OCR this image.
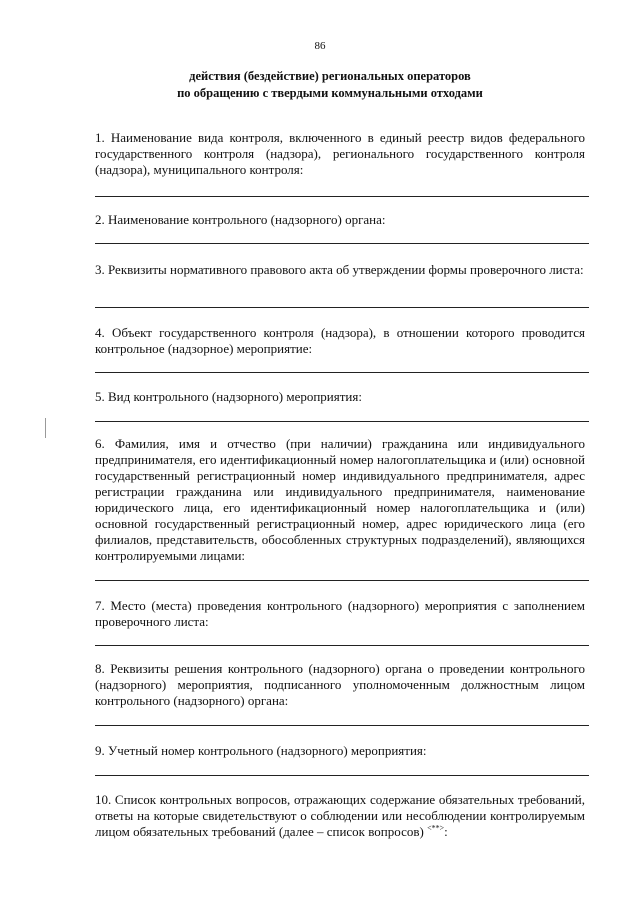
86
действия (бездействие) региональных операторов
по обращению с твердыми коммунальными отходами
1. Наименование вида контроля, включенного в единый реестр видов федерального государственного контроля (надзора), регионального государственного контроля (надзора), муниципального контроля:
2. Наименование контрольного (надзорного) органа:
3. Реквизиты нормативного правового акта об утверждении формы проверочного листа:
4. Объект государственного контроля (надзора), в отношении которого проводится контрольное (надзорное) мероприятие:
5. Вид контрольного (надзорного) мероприятия:
6. Фамилия, имя и отчество (при наличии) гражданина или индивидуального предпринимателя, его идентификационный номер налогоплательщика и (или) основной государственный регистрационный номер индивидуального предпринимателя, адрес регистрации гражданина или индивидуального предпринимателя, наименование юридического лица, его идентификационный номер налогоплательщика и (или) основной государственный регистрационный номер, адрес юридического лица (его филиалов, представительств, обособленных структурных подразделений), являющихся контролируемыми лицами:
7. Место (места) проведения контрольного (надзорного) мероприятия с заполнением проверочного листа:
8. Реквизиты решения контрольного (надзорного) органа о проведении контрольного (надзорного) мероприятия, подписанного уполномоченным должностным лицом контрольного (надзорного) органа:
9. Учетный номер контрольного (надзорного) мероприятия:
10. Список контрольных вопросов, отражающих содержание обязательных требований, ответы на которые свидетельствуют о соблюдении или несоблюдении контролируемым лицом обязательных требований (далее – список вопросов) <**>:
